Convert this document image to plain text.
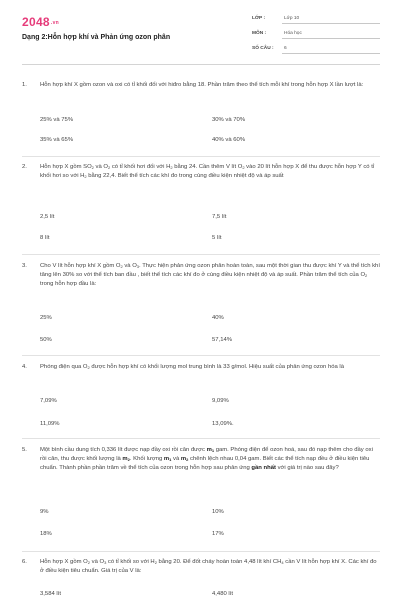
2048.vn
Dạng 2:Hỗn hợp khí và Phản ứng ozon phân
LỚP :	Lớp 10
MÔN :	Hóa học
SỐ CÂU : 6
1. Hỗn hợp khí X gồm ozon và oxi có tỉ khối đối với hiđro bằng 18. Phần trăm theo thể tích mỗi khí trong hỗn hợp X lần lượt là:
25% và 75%	30% và 70%
35% và 65%	40% và 60%
2. Hỗn hợp X gồm $SO_2$ và $O_2$ có tỉ khối hơi đối với $H_2$ bằng 24. Cần thêm V lít $O_2$ vào 20 lít hỗn hợp X để thu được hỗn hợp Y có tỉ khối hơi so với $H_2$ bằng 22,4. Biết thể tích các khí đo trong cùng điều kiện nhiệt độ và áp suất
2,5 lít	7,5 lít
8 lít	5 lít
3. Cho V lít hỗn hợp khí X gồm $O_2$ và $O_3$. Thực hiện phản ứng ozon phân hoàn toàn, sau một thời gian thu được khí Y và thể tích khí tăng lên 30% so với thể tích ban đầu , biết thể tích các khí đo ở cùng điều kiện nhiệt độ và áp suất. Phần trăm thể tích của $O_2$ trong hỗn hợp đầu là:
25%	40%
50%	57,14%
4. Phóng điện qua $O_2$ được hỗn hợp khí có khối lượng mol trung bình là 33 g/mol. Hiệu suất của phản ứng ozon hóa là
7,09%	9,09%
11,09%	13,09%.
5. Một bình cầu dung tích 0,336 lít được nạp đầy oxi rồi cân được $m_1$ gam. Phóng điện để ozon hoá, sau đó nạp thêm cho đầy oxi rồi cân, thu được khối lượng là $m_2$. Khối lượng $m_1$ và $m_2$ chênh lệch nhau 0,04 gam. Biết các thể tích nạp đều ở điều kiện tiêu chuẩn. Thành phần phần trăm về thể tích của ozon trong hỗn hợp sau phản ứng gần nhất với giá trị nào sau đây?
9%	10%
18%	17%
6. Hỗn hợp X gồm $O_2$ và $O_3$ có tỉ khối so với $H_2$ bằng 20. Để đốt cháy hoàn toàn 4,48 lít khí $CH_4$ cần V lít hỗn hợp khí X. Các khí đo ở điều kiện tiêu chuẩn. Giá trị của V là:
3,584 lít	4,480 lít
